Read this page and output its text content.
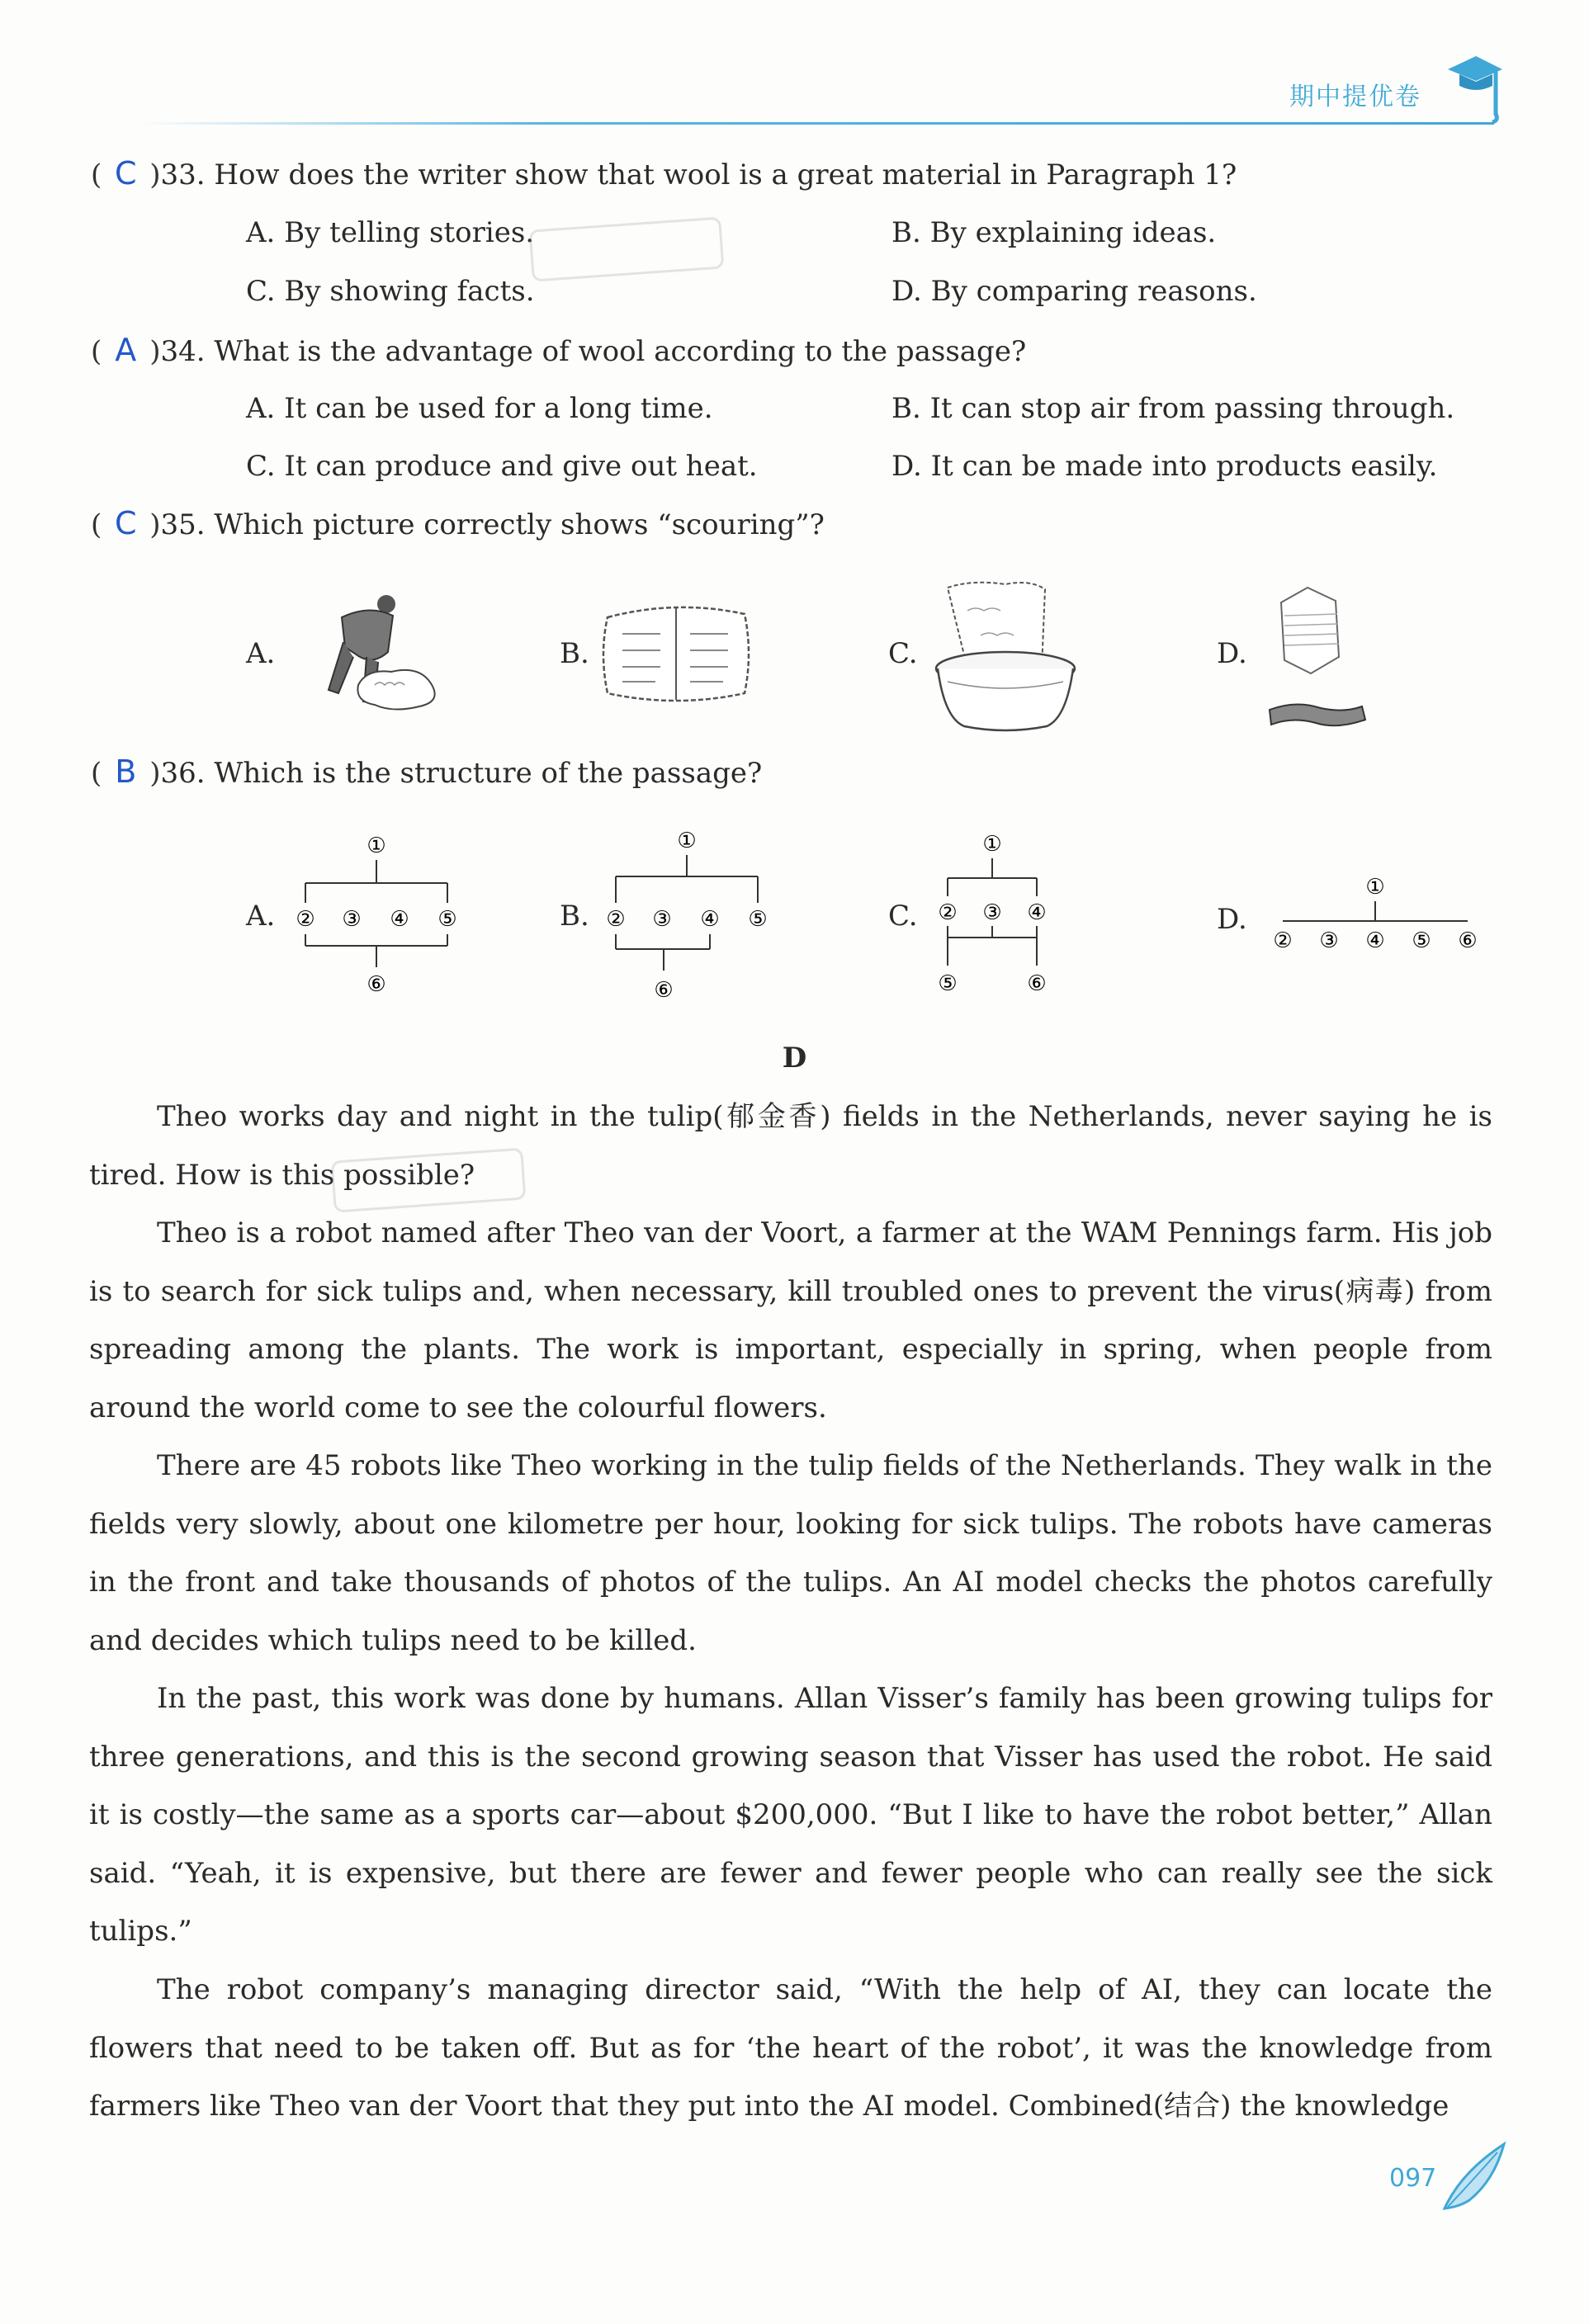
期中提优卷
( C )33. How does the writer show that wool is a great material in Paragraph 1?
A. By telling stories.	B. By explaining ideas.
C. By showing facts.	D. By comparing reasons.
( A )34. What is the advantage of wool according to the passage?
A. It can be used for a long time.	B. It can stop air from passing through.
C. It can produce and give out heat.	D. It can be made into products easily.
( C )35. Which picture correctly shows “scouring”?
A.	B.	C.	D.
( B )36. Which is the structure of the passage?
A.
①
② ③ ④ ⑤
⑥
B.
①
② ③ ④ ⑤
⑥
C.
①
② ③ ④
⑤	⑥
D.
①
② ③ ④ ⑤ ⑥
D

Theo works day and night in the tulip(郁金香) fields in the Netherlands, never saying he is tired. How is this possible?

Theo is a robot named after Theo van der Voort, a farmer at the WAM Pennings farm. His job is to search for sick tulips and, when necessary, kill troubled ones to prevent the virus(病毒) from spreading among the plants. The work is important, especially in spring, when people from around the world come to see the colourful flowers.

There are 45 robots like Theo working in the tulip fields of the Netherlands. They walk in the fields very slowly, about one kilometre per hour, looking for sick tulips. The robots have cameras in the front and take thousands of photos of the tulips. An AI model checks the photos carefully and decides which tulips need to be killed.

In the past, this work was done by humans. Allan Visser’s family has been growing tulips for three generations, and this is the second growing season that Visser has used the robot. He said it is costly—the same as a sports car—about $200,000. “But I like to have the robot better,” Allan said. “Yeah, it is expensive, but there are fewer and fewer people who can really see the sick tulips.”

The robot company’s managing director said, “With the help of AI, they can locate the flowers that need to be taken off. But as for ‘the heart of the robot’, it was the knowledge from farmers like Theo van der Voort that they put into the AI model. Combined(结合) the knowledge

097
